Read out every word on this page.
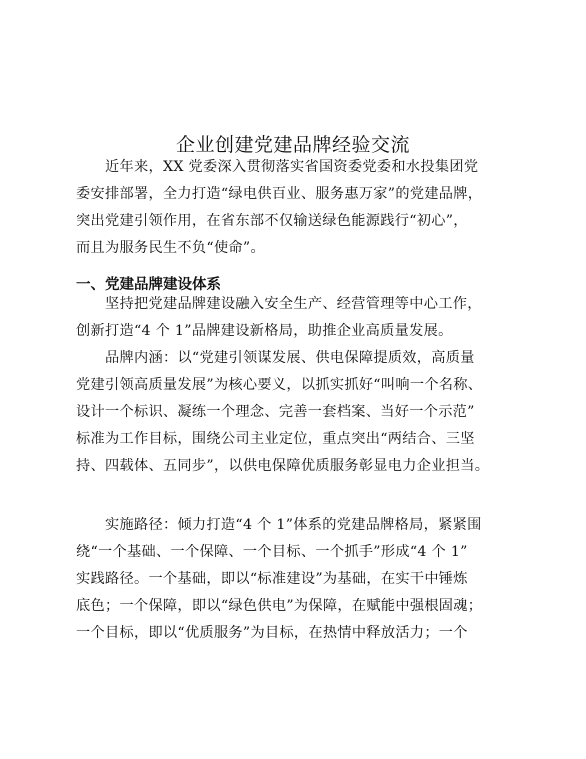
企业创建党建品牌经验交流
近年来，XX 党委深入贯彻落实省国资委党委和水投集团党
委安排部署，全力打造“绿电供百业、服务惠万家”的党建品牌，
突出党建引领作用，在省东部不仅输送绿色能源践行“初心”，
而且为服务民生不负“使命”。
一、党建品牌建设体系
坚持把党建品牌建设融入安全生产、经营管理等中心工作，
创新打造“4 个 1”品牌建设新格局，助推企业高质量发展。
品牌内涵：以“党建引领谋发展、供电保障提质效，高质量
党建引领高质量发展”为核心要义，以抓实抓好“叫响一个名称、
设计一个标识、凝练一个理念、完善一套档案、当好一个示范”
标准为工作目标，围绕公司主业定位，重点突出“两结合、三坚
持、四载体、五同步”，以供电保障优质服务彰显电力企业担当。
实施路径：倾力打造“4 个 1”体系的党建品牌格局，紧紧围
绕“一个基础、一个保障、一个目标、一个抓手”形成“4 个 1”
实践路径。一个基础，即以“标准建设”为基础，在实干中锤炼
底色；一个保障，即以“绿色供电”为保障，在赋能中强根固魂；
一个目标，即以“优质服务”为目标，在热情中释放活力；一个
